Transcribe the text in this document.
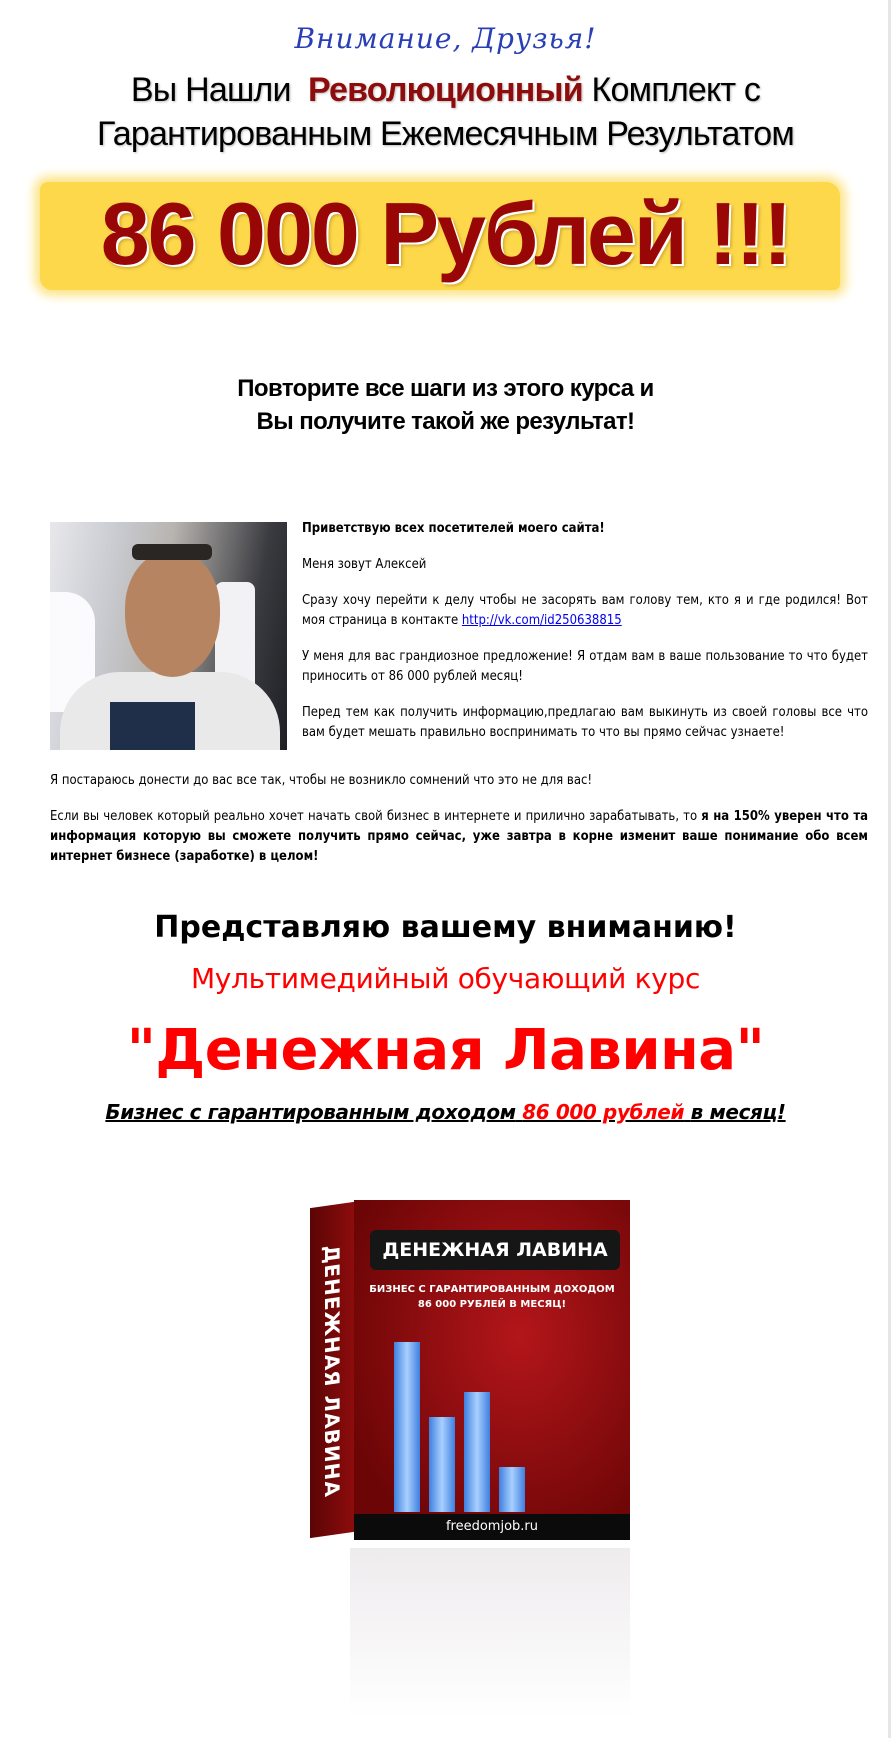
Внимание, Друзья!
Вы Нашли Революционный Комплект с
Гарантированным Ежемесячным Результатом
86 000 Рублей !!!
Повторите все шаги из этого курса и
Вы получите такой же результат!

Приветствую всех посетителей моего сайта!

Меня зовут Алексей

Сразу хочу перейти к делу чтобы не засорять вам голову тем, кто я и где родился! Вот моя страница в контакте http://vk.com/id250638815

У меня для вас грандиозное предложение! Я отдам вам в ваше пользование то что будет приносить от 86 000 рублей месяц!

Перед тем как получить информацию,предлагаю вам выкинуть из своей головы все что вам будет мешать правильно воспринимать то что вы прямо сейчас узнаете!

Я постараюсь донести до вас все так, чтобы не возникло сомнений что это не для вас!

Если вы человек который реально хочет начать свой бизнес в интернете и прилично зарабатывать, то я на 150% уверен что та информация которую вы сможете получить прямо сейчас, уже завтра в корне изменит ваше понимание обо всем интернет бизнесе (заработке) в целом!

Представляю вашему вниманию!
Мультимедийный обучающий курс
"Денежная Лавина"
Бизнес с гарантированным доходом 86 000 рублей в месяц!
ДЕНЕЖНАЯ ЛАВИНА	ДЕНЕЖНАЯ ЛАВИНА
БИЗНЕС С ГАРАНТИРОВАННЫМ ДОХОДОМ
86 000 РУБЛЕЙ В МЕСЯЦ!
freedomjob.ru
